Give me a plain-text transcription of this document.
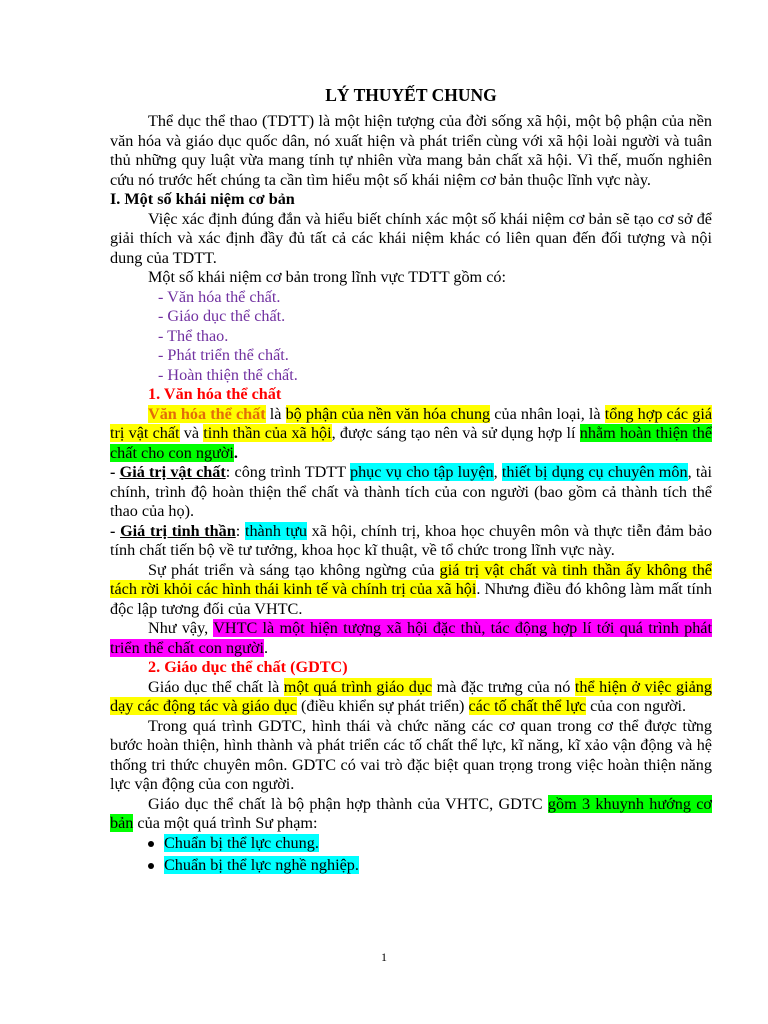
LÝ THUYẾT CHUNG

Thể dục thể thao (TDTT) là một hiện tượng của đời sống xã hội, một bộ phận của nền văn hóa và giáo dục quốc dân, nó xuất hiện và phát triển cùng với xã hội loài người và tuân thủ những quy luật vừa mang tính tự nhiên vừa mang bản chất xã hội. Vì thế, muốn nghiên cứu nó trước hết chúng ta cần tìm hiểu một số khái niệm cơ bản thuộc lĩnh vực này.

I. Một số khái niệm cơ bản

Việc xác định đúng đắn và hiểu biết chính xác một số khái niệm cơ bản sẽ tạo cơ sở để giải thích và xác định đầy đủ tất cả các khái niệm khác có liên quan đến đối tượng và nội dung của TDTT.

Một số khái niệm cơ bản trong lĩnh vực TDTT gồm có:

- Văn hóa thể chất.
- Giáo dục thể chất.
- Thể thao.
- Phát triển thể chất.
- Hoàn thiện thể chất.

1. Văn hóa thể chất

Văn hóa thể chất là bộ phận của nền văn hóa chung của nhân loại, là tổng hợp các giá trị vật chất và tinh thần của xã hội, được sáng tạo nên và sử dụng hợp lí nhằm hoàn thiện thể chất cho con người.

- Giá trị vật chất: công trình TDTT phục vụ cho tập luyện, thiết bị dụng cụ chuyên môn, tài chính, trình độ hoàn thiện thể chất và thành tích của con người (bao gồm cả thành tích thể thao của họ).

- Giá trị tinh thần: thành tựu xã hội, chính trị, khoa học chuyên môn và thực tiễn đảm bảo tính chất tiến bộ về tư tưởng, khoa học kĩ thuật, về tổ chức trong lĩnh vực này.

Sự phát triển và sáng tạo không ngừng của giá trị vật chất và tinh thần ấy không thể tách rời khỏi các hình thái kinh tế và chính trị của xã hội. Nhưng điều đó không làm mất tính độc lập tương đối của VHTC.

Như vậy, VHTC là một hiện tượng xã hội đặc thù, tác động hợp lí tới quá trình phát triển thể chất con người.

2. Giáo dục thể chất (GDTC)

Giáo dục thể chất là một quá trình giáo dục mà đặc trưng của nó thể hiện ở việc giảng dạy các động tác và giáo dục (điều khiển sự phát triển) các tố chất thể lực của con người.

Trong quá trình GDTC, hình thái và chức năng các cơ quan trong cơ thể được từng bước hoàn thiện, hình thành và phát triển các tố chất thể lực, kĩ năng, kĩ xảo vận động và hệ thống tri thức chuyên môn. GDTC có vai trò đặc biệt quan trọng trong việc hoàn thiện năng lực vận động của con người.

Giáo dục thể chất là bộ phận hợp thành của VHTC, GDTC gồm 3 khuynh hướng cơ bản của một quá trình Sư phạm:

Chuẩn bị thể lực chung.
Chuẩn bị thể lực nghề nghiệp.
1
